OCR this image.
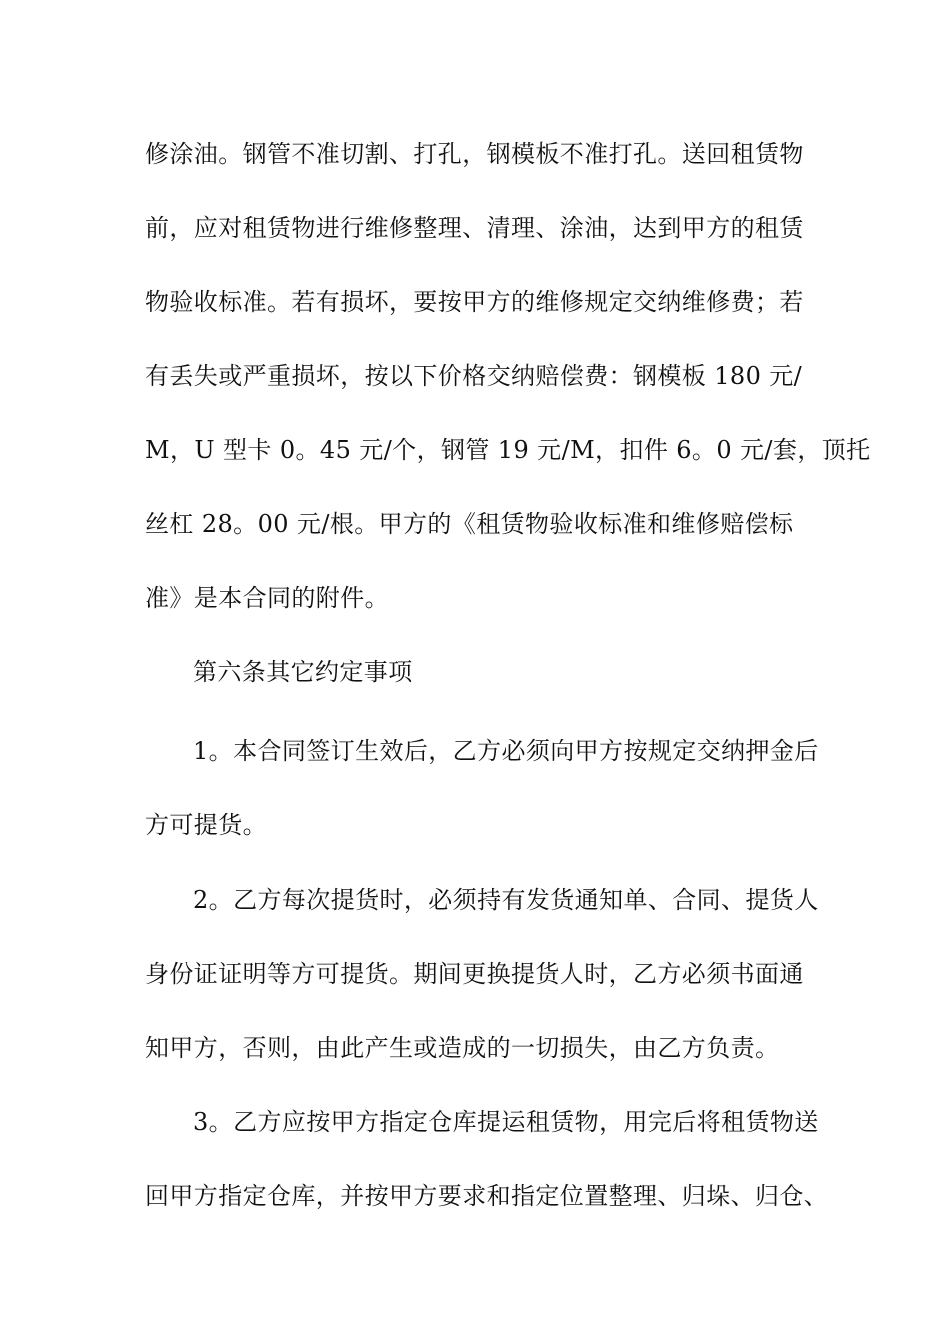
修涂油。钢管不准切割、打孔，钢模板不准打孔。送回租赁物
前，应对租赁物进行维修整理、清理、涂油，达到甲方的租赁
物验收标准。若有损坏，要按甲方的维修规定交纳维修费；若
有丢失或严重损坏，按以下价格交纳赔偿费：钢模板 180 元/
M，U 型卡 0。45 元/个，钢管 19 元/M，扣件 6。0 元/套，顶托
丝杠 28。00 元/根。甲方的《租赁物验收标准和维修赔偿标
准》是本合同的附件。
第六条其它约定事项
1。本合同签订生效后，乙方必须向甲方按规定交纳押金后
方可提货。
2。乙方每次提货时，必须持有发货通知单、合同、提货人
身份证证明等方可提货。期间更换提货人时，乙方必须书面通
知甲方，否则，由此产生或造成的一切损失，由乙方负责。
3。乙方应按甲方指定仓库提运租赁物，用完后将租赁物送
回甲方指定仓库，并按甲方要求和指定位置整理、归垛、归仓、
